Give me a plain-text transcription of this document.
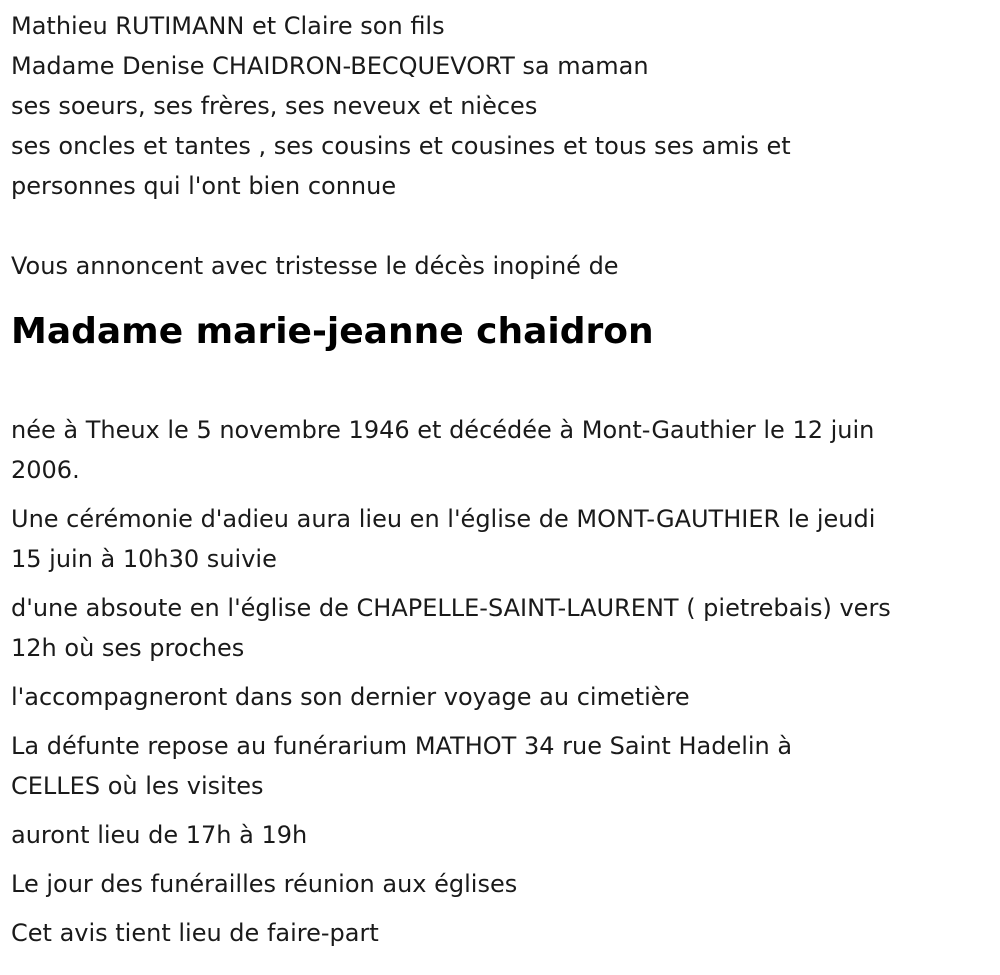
Mathieu RUTIMANN et Claire son fils

Madame Denise CHAIDRON-BECQUEVORT sa maman

ses soeurs, ses frères, ses neveux et nièces

ses oncles et tantes , ses cousins et cousines et tous ses amis et

personnes qui l'ont bien connue

Vous annoncent avec tristesse le décès inopiné de

Madame marie-jeanne chaidron
née à Theux le 5 novembre 1946 et décédée à Mont-Gauthier le 12 juin
2006.
Une cérémonie d'adieu aura lieu en l'église de MONT-GAUTHIER le jeudi
15 juin à 10h30 suivie
d'une absoute en l'église de CHAPELLE-SAINT-LAURENT ( pietrebais) vers
12h où ses proches
l'accompagneront dans son dernier voyage au cimetière
La défunte repose au funérarium MATHOT 34 rue Saint Hadelin à
CELLES où les visites
auront lieu de 17h à 19h
Le jour des funérailles réunion aux églises
Cet avis tient lieu de faire-part
